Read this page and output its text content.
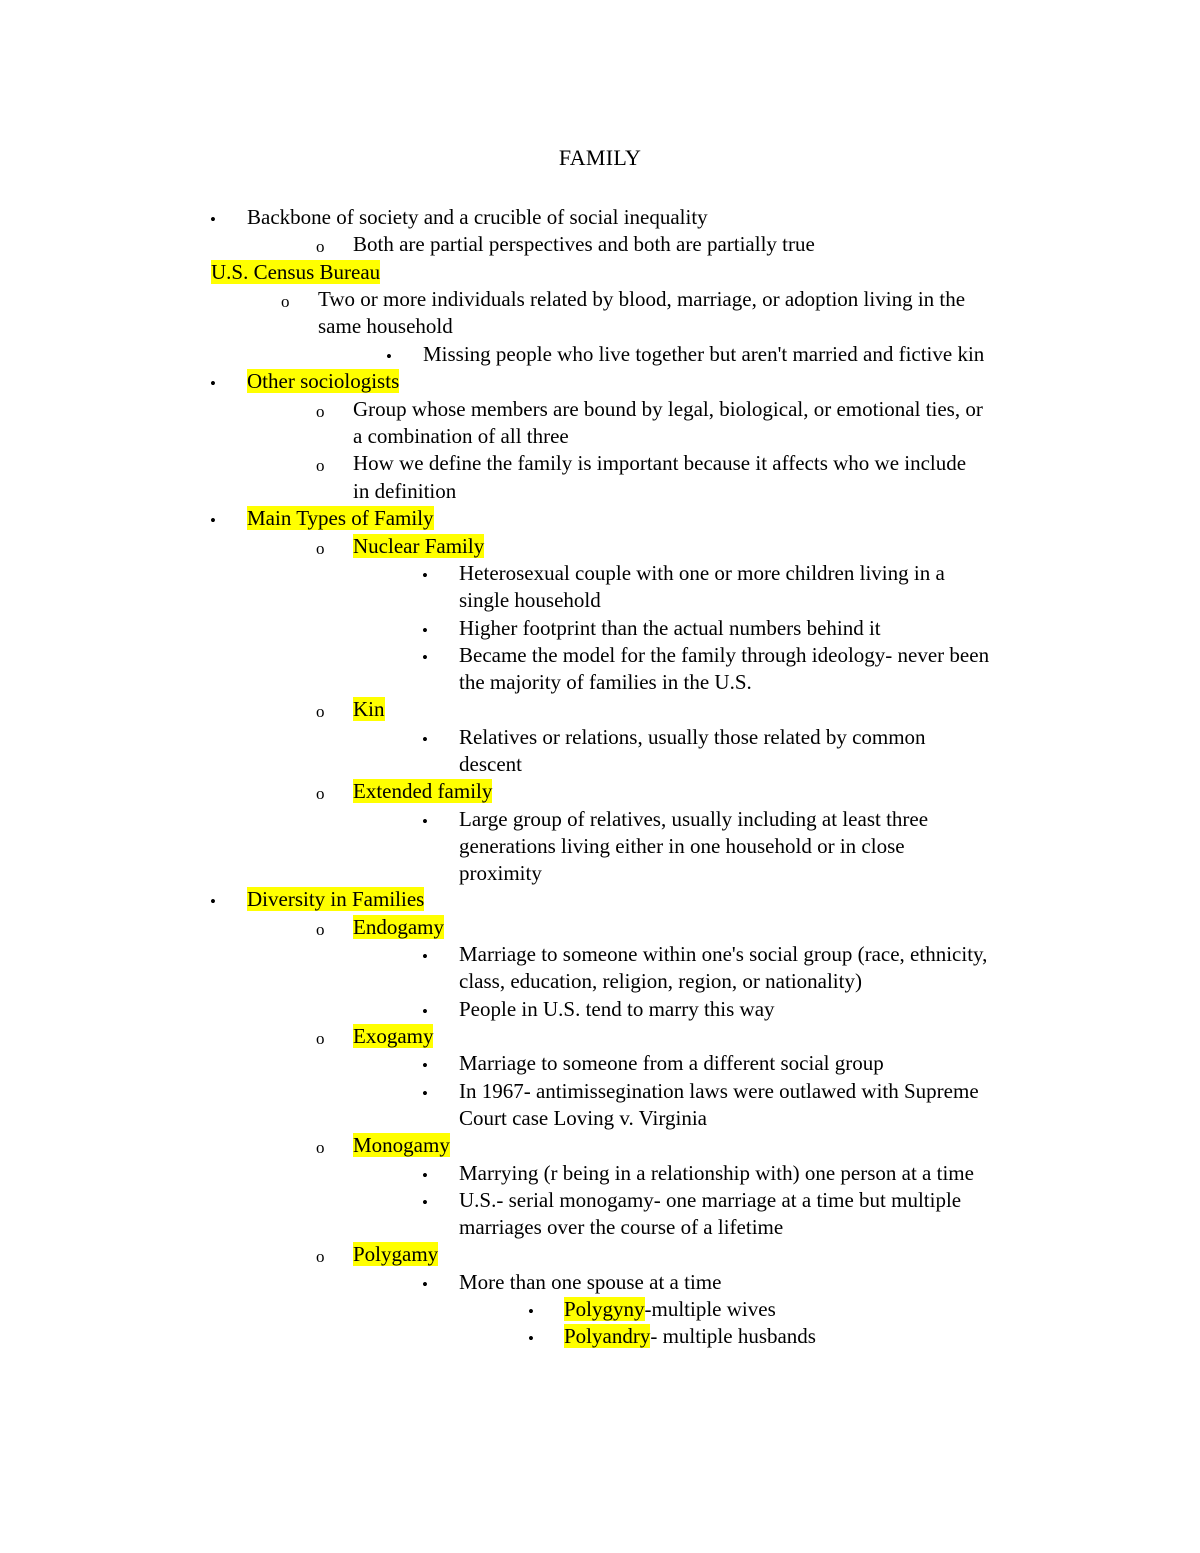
FAMILY
• Backbone of society and a crucible of social inequality
o Both are partial perspectives and both are partially true
U.S. Census Bureau
o Two or more individuals related by blood, marriage, or adoption living in the
same household
• Missing people who live together but aren't married and fictive kin
• Other sociologists
o Group whose members are bound by legal, biological, or emotional ties, or
a combination of all three
o How we define the family is important because it affects who we include
in definition
• Main Types of Family
o Nuclear Family
• Heterosexual couple with one or more children living in a
single household
• Higher footprint than the actual numbers behind it
• Became the model for the family through ideology- never been
the majority of families in the U.S.
o Kin
• Relatives or relations, usually those related by common
descent
o Extended family
• Large group of relatives, usually including at least three
generations living either in one household or in close
proximity
• Diversity in Families
o Endogamy
• Marriage to someone within one's social group (race, ethnicity,
class, education, religion, region, or nationality)
• People in U.S. tend to marry this way
o Exogamy
• Marriage to someone from a different social group
• In 1967- antimissegination laws were outlawed with Supreme
Court case Loving v. Virginia
o Monogamy
• Marrying (r being in a relationship with) one person at a time
• U.S.- serial monogamy- one marriage at a time but multiple
marriages over the course of a lifetime
o Polygamy
• More than one spouse at a time
• Polygyny-multiple wives
• Polyandry- multiple husbands
